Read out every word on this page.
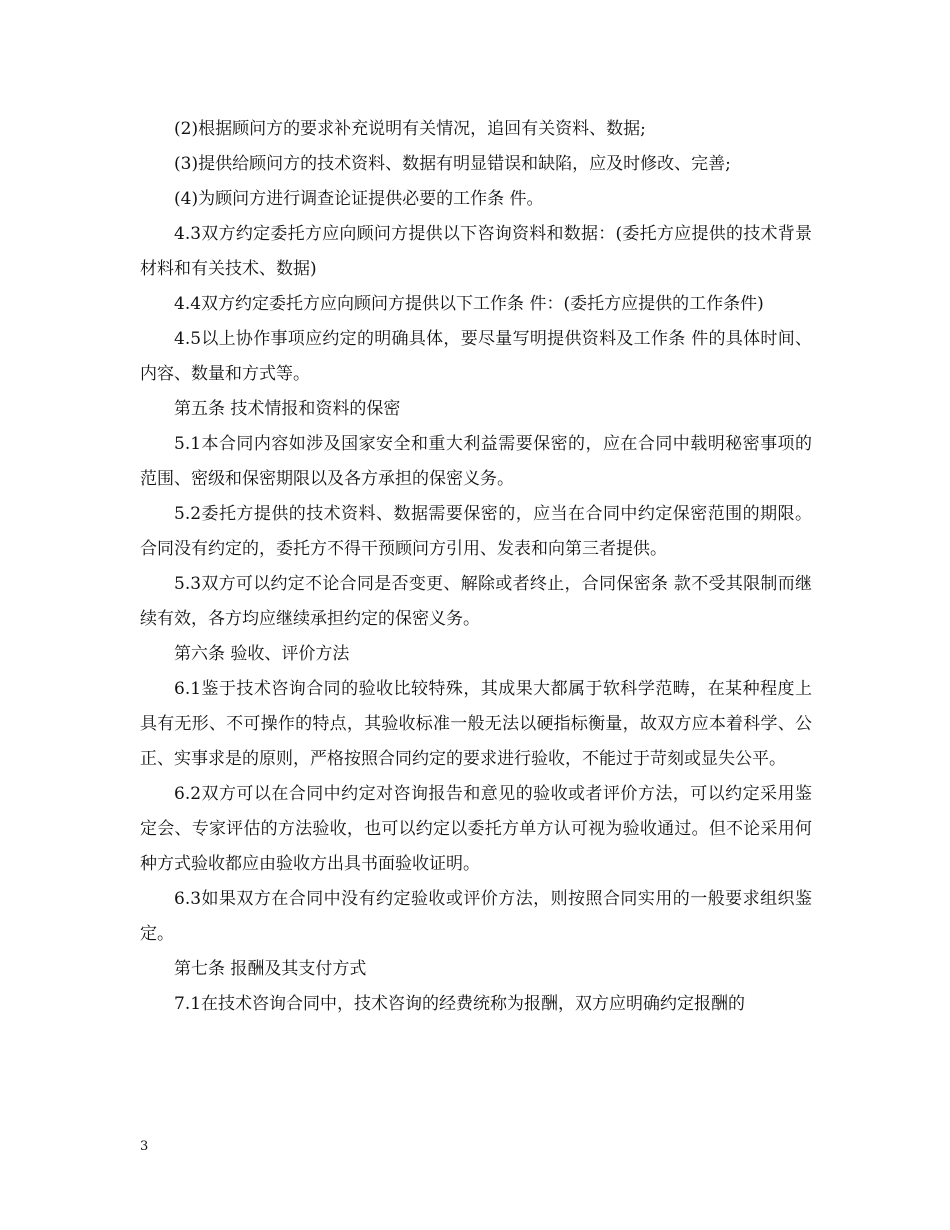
(2)根据顾问方的要求补充说明有关情况，追回有关资料、数据;

(3)提供给顾问方的技术资料、数据有明显错误和缺陷，应及时修改、完善;

(4)为顾问方进行调查论证提供必要的工作条 件。

4.3双方约定委托方应向顾问方提供以下咨询资料和数据：(委托方应提供的技术背景材料和有关技术、数据)

4.4双方约定委托方应向顾问方提供以下工作条 件：(委托方应提供的工作条件)

4.5以上协作事项应约定的明确具体，要尽量写明提供资料及工作条 件的具体时间、内容、数量和方式等。

第五条 技术情报和资料的保密

5.1本合同内容如涉及国家安全和重大利益需要保密的，应在合同中载明秘密事项的范围、密级和保密期限以及各方承担的保密义务。

5.2委托方提供的技术资料、数据需要保密的，应当在合同中约定保密范围的期限。合同没有约定的，委托方不得干预顾问方引用、发表和向第三者提供。

5.3双方可以约定不论合同是否变更、解除或者终止，合同保密条 款不受其限制而继续有效，各方均应继续承担约定的保密义务。

第六条 验收、评价方法

6.1鉴于技术咨询合同的验收比较特殊，其成果大都属于软科学范畴，在某种程度上具有无形、不可操作的特点，其验收标准一般无法以硬指标衡量，故双方应本着科学、公正、实事求是的原则，严格按照合同约定的要求进行验收，不能过于苛刻或显失公平。

6.2双方可以在合同中约定对咨询报告和意见的验收或者评价方法，可以约定采用鉴定会、专家评估的方法验收，也可以约定以委托方单方认可视为验收通过。但不论采用何种方式验收都应由验收方出具书面验收证明。

6.3如果双方在合同中没有约定验收或评价方法，则按照合同实用的一般要求组织鉴定。

第七条 报酬及其支付方式

7.1在技术咨询合同中，技术咨询的经费统称为报酬，双方应明确约定报酬的

3
